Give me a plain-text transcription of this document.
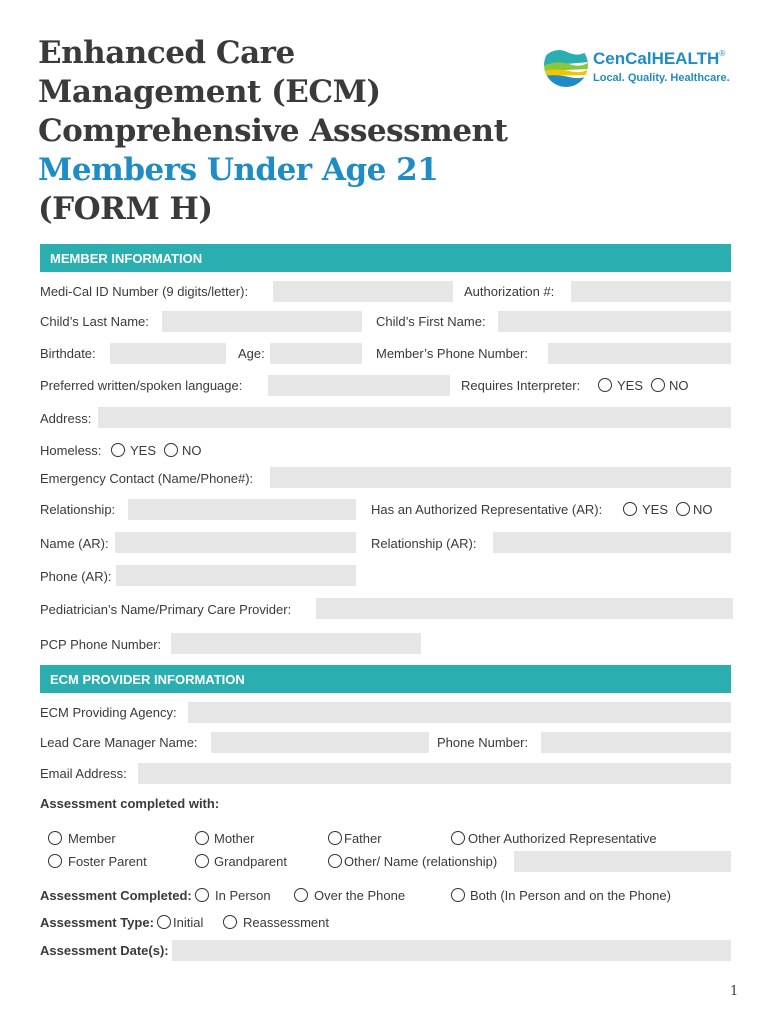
Enhanced Care
Management (ECM)
Comprehensive Assessment
Members Under Age 21
(FORM H)
CenCalHEALTH®
Local. Quality. Healthcare.
MEMBER INFORMATION
Medi-Cal ID Number (9 digits/letter):	Authorization #:
Child’s Last Name:	Child’s First Name:
Birthdate:	Age:	Member’s Phone Number:
Preferred written/spoken language:	Requires Interpreter:	YES NO
Address:
Homeless: YES NO
Emergency Contact (Name/Phone#):
Relationship:	Has an Authorized Representative (AR):	YES NO
Name (AR):	Relationship (AR):
Phone (AR):
Pediatrician’s Name/Primary Care Provider:
PCP Phone Number:
ECM PROVIDER INFORMATION
ECM Providing Agency:
Lead Care Manager Name:	Phone Number:
Email Address:
Assessment completed with:
Member	Mother	Father	Other Authorized Representative
Foster Parent	Grandparent	Other/ Name (relationship)
Assessment Completed: In Person	Over the Phone	Both (In Person and on the Phone)
Assessment Type: Initial	Reassessment
Assessment Date(s):
1
